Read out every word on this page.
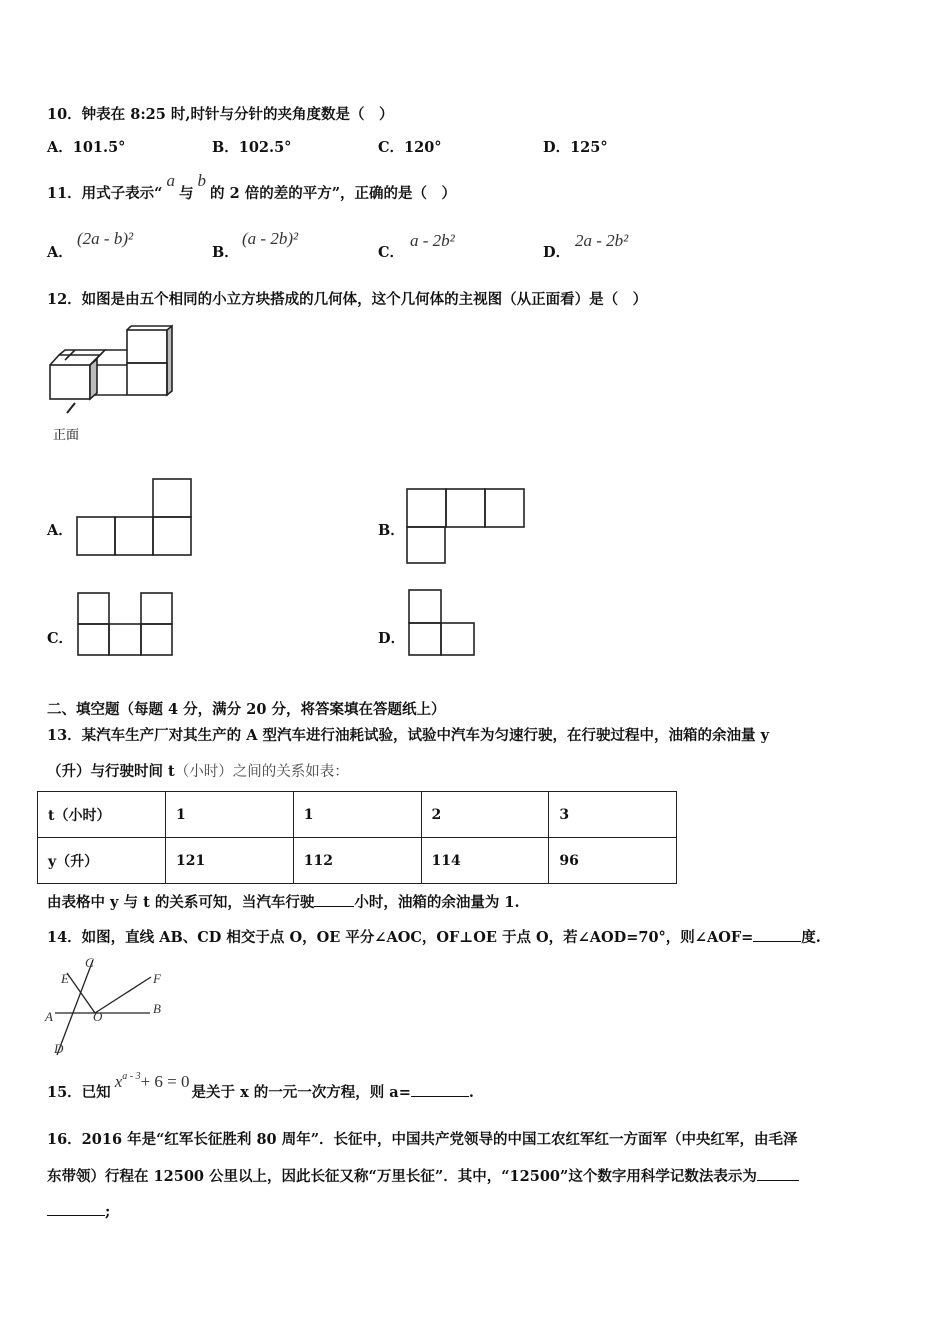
10．钟表在 8:25 时,时针与分针的夹角度数是（　）
A．101.5°	B．102.5°	C．120°	D．125°
11．用式子表示“a与b的 2 倍的差的平方”，正确的是（　）
A．
(2a - b)²
B．
(a - 2b)²
C．
a - 2b²
D．
2a - 2b²
12．如图是由五个相同的小立方块搭成的几何体，这个几何体的主视图（从正面看）是（　）
正面
A．	B．
C．	D．
二、填空题（每题 4 分，满分 20 分，将答案填在答题纸上）
13．某汽车生产厂对其生产的 A 型汽车进行油耗试验，试验中汽车为匀速行驶，在行驶过程中，油箱的余油量 y
（升）与行驶时间 t（小时）之间的关系如表：
t（小时）	1	1	2	3
y（升）	121	112	114	96
由表格中 y 与 t 的关系可知，当汽车行驶	小时，油箱的余油量为 1.
14．如图，直线 AB、CD 相交于点 O，OE 平分∠AOC，OF⊥OE 于点 O，若∠AOD=70°，则∠AOF=	度.
C
E	F
B
A	O
D
15．已知$x^{a - 3}+ 6 = 0$是关于 x 的一元一次方程，则 a=	.
16．2016 年是“红军长征胜利 80 周年”．长征中，中国共产党领导的中国工农红军红一方面军（中央红军，由毛泽
东带领）行程在 12500 公里以上，因此长征又称“万里长征”．其中，“12500”这个数字用科学记数法表示为
;
